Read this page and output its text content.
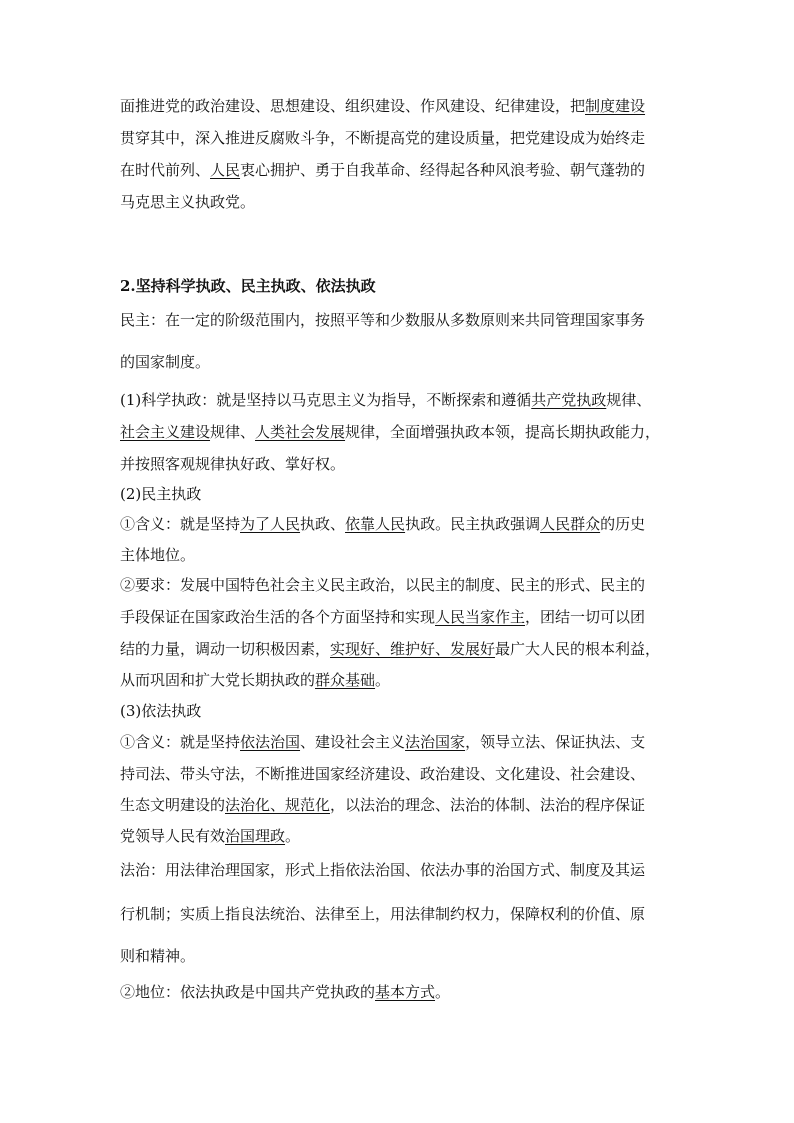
面推进党的政治建设、思想建设、组织建设、作风建设、纪律建设，把制度建设
贯穿其中，深入推进反腐败斗争，不断提高党的建设质量，把党建设成为始终走
在时代前列、人民衷心拥护、勇于自我革命、经得起各种风浪考验、朝气蓬勃的
马克思主义执政党。
2.坚持科学执政、民主执政、依法执政
民主：在一定的阶级范围内，按照平等和少数服从多数原则来共同管理国家事务
的国家制度。
(1)科学执政：就是坚持以马克思主义为指导，不断探索和遵循共产党执政规律、
社会主义建设规律、人类社会发展规律，全面增强执政本领，提高长期执政能力，
并按照客观规律执好政、掌好权。
(2)民主执政
①含义：就是坚持为了人民执政、依靠人民执政。民主执政强调人民群众的历史
主体地位。
②要求：发展中国特色社会主义民主政治，以民主的制度、民主的形式、民主的
手段保证在国家政治生活的各个方面坚持和实现人民当家作主，团结一切可以团
结的力量，调动一切积极因素，实现好、维护好、发展好最广大人民的根本利益，
从而巩固和扩大党长期执政的群众基础。
(3)依法执政
①含义：就是坚持依法治国、建设社会主义法治国家，领导立法、保证执法、支
持司法、带头守法，不断推进国家经济建设、政治建设、文化建设、社会建设、
生态文明建设的法治化、规范化，以法治的理念、法治的体制、法治的程序保证
党领导人民有效治国理政。
法治：用法律治理国家，形式上指依法治国、依法办事的治国方式、制度及其运
行机制；实质上指良法统治、法律至上，用法律制约权力，保障权利的价值、原
则和精神。
②地位：依法执政是中国共产党执政的基本方式。
